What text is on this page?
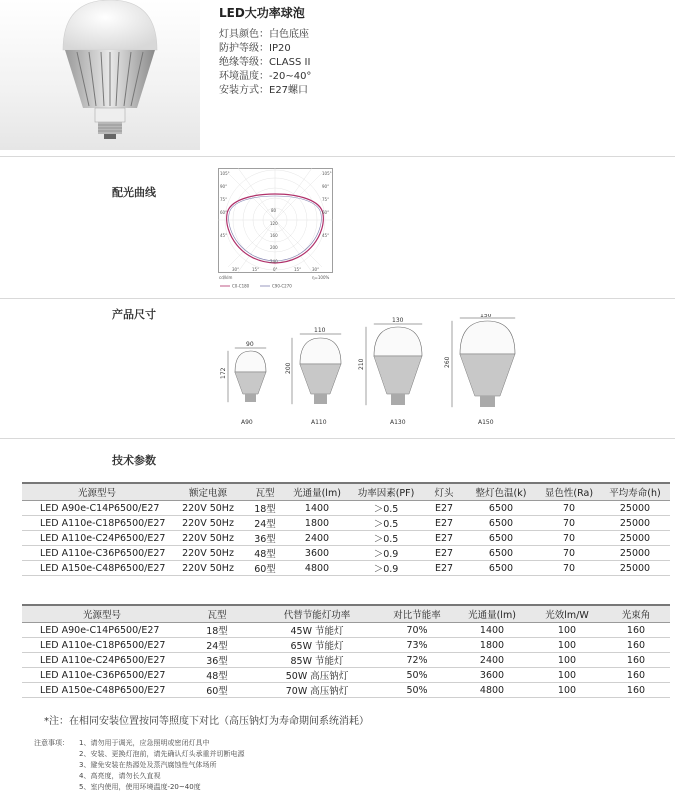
LED大功率球泡
灯具颜色：白色底座
防护等级：IP20
绝缘等级：CLASS II
环境温度：-20~40°
安装方式：E27螺口
配光曲线
105°
90°
75°
60°
45°
105°
90°
75°
60°
45°
80
120
160
200
240
30°	15°	0°	15°	30°
cd/klm	η=100%
C0-C180	C90-C270
产品尺寸
90
172
A90
110
200
A110
130
210
A130
150
260
A150
技术参数
光源型号	额定电源	瓦型	光通量(lm)	功率因素(PF)	灯头	整灯色温(k)	显色性(Ra)	平均寿命(h)
LED A90e-C14P6500/E27	220V 50Hz	18型	1400	＞0.5	E27	6500	70	25000
LED A110e-C18P6500/E27	220V 50Hz	24型	1800	＞0.5	E27	6500	70	25000
LED A110e-C24P6500/E27	220V 50Hz	36型	2400	＞0.5	E27	6500	70	25000
LED A110e-C36P6500/E27	220V 50Hz	48型	3600	＞0.9	E27	6500	70	25000
LED A150e-C48P6500/E27	220V 50Hz	60型	4800	＞0.9	E27	6500	70	25000
光源型号	瓦型	代替节能灯功率	对比节能率	光通量(lm)	光效lm/W	光束角
LED A90e-C14P6500/E27	18型	45W 节能灯	70%	1400	100	160
LED A110e-C18P6500/E27	24型	65W 节能灯	73%	1800	100	160
LED A110e-C24P6500/E27	36型	85W 节能灯	72%	2400	100	160
LED A110e-C36P6500/E27	48型	50W 高压钠灯	50%	3600	100	160
LED A150e-C48P6500/E27	60型	70W 高压钠灯	50%	4800	100	160
*注：在相同安装位置按同等照度下对比（高压钠灯为寿命期间系统消耗）
注意事项： 1、请勿用于调光，应急照明或密闭灯具中
2、安装、更换灯泡前，请先确认灯头承重并切断电源
3、避免安装在热源处及蒸汽腐蚀性气体场所
4、高亮度，请勿长久直视
5、室内使用，使用环境温度-20~40度
